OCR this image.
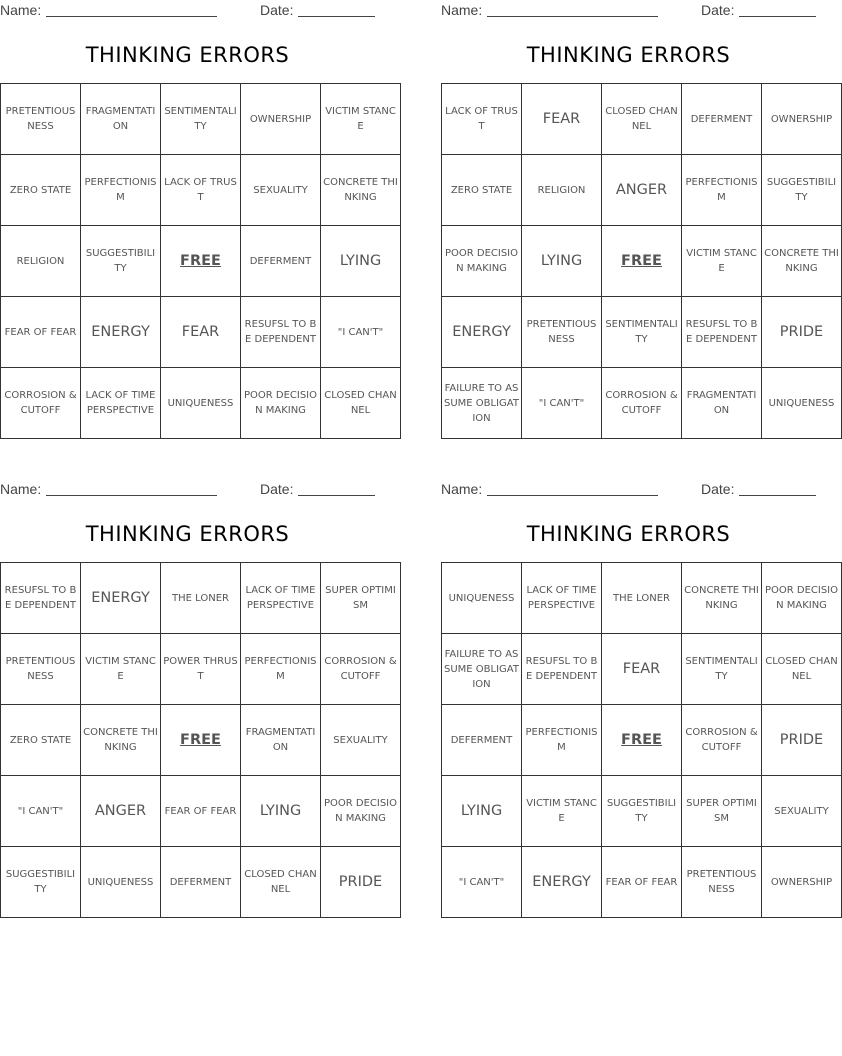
Name:	Date:
THINKING ERRORS
PRETENTIOUSNESS	FRAGMENTATION	SENTIMENTALITY	OWNERSHIP	VICTIM STANCE
ZERO STATE	PERFECTIONISM	LACK OF TRUST	SEXUALITY	CONCRETE THINKING
RELIGION	SUGGESTIBILITY	FREE	DEFERMENT	LYING
FEAR OF FEAR	ENERGY	FEAR	RESUFSL TO BE DEPENDENT	"I CAN'T"
CORROSION & CUTOFF	LACK OF TIME PERSPECTIVE	UNIQUENESS	POOR DECISION MAKING	CLOSED CHANNEL
Name:	Date:
THINKING ERRORS
LACK OF TRUST	FEAR	CLOSED CHANNEL	DEFERMENT	OWNERSHIP
ZERO STATE	RELIGION	ANGER	PERFECTIONISM	SUGGESTIBILITY
POOR DECISION MAKING	LYING	FREE	VICTIM STANCE	CONCRETE THINKING
ENERGY	PRETENTIOUSNESS	SENTIMENTALITY	RESUFSL TO BE DEPENDENT	PRIDE
FAILURE TO ASSUME OBLIGATION	"I CAN'T"	CORROSION & CUTOFF	FRAGMENTATION	UNIQUENESS
Name:	Date:
THINKING ERRORS
RESUFSL TO BE DEPENDENT	ENERGY	THE LONER	LACK OF TIME PERSPECTIVE	SUPER OPTIMISM
PRETENTIOUSNESS	VICTIM STANCE	POWER THRUST	PERFECTIONISM	CORROSION & CUTOFF
ZERO STATE	CONCRETE THINKING	FREE	FRAGMENTATION	SEXUALITY
"I CAN'T"	ANGER	FEAR OF FEAR	LYING	POOR DECISION MAKING
SUGGESTIBILITY	UNIQUENESS	DEFERMENT	CLOSED CHANNEL	PRIDE
Name:	Date:
THINKING ERRORS
UNIQUENESS	LACK OF TIME PERSPECTIVE	THE LONER	CONCRETE THINKING	POOR DECISION MAKING
FAILURE TO ASSUME OBLIGATION	RESUFSL TO BE DEPENDENT	FEAR	SENTIMENTALITY	CLOSED CHANNEL
DEFERMENT	PERFECTIONISM	FREE	CORROSION & CUTOFF	PRIDE
LYING	VICTIM STANCE	SUGGESTIBILITY	SUPER OPTIMISM	SEXUALITY
"I CAN'T"	ENERGY	FEAR OF FEAR	PRETENTIOUSNESS	OWNERSHIP
